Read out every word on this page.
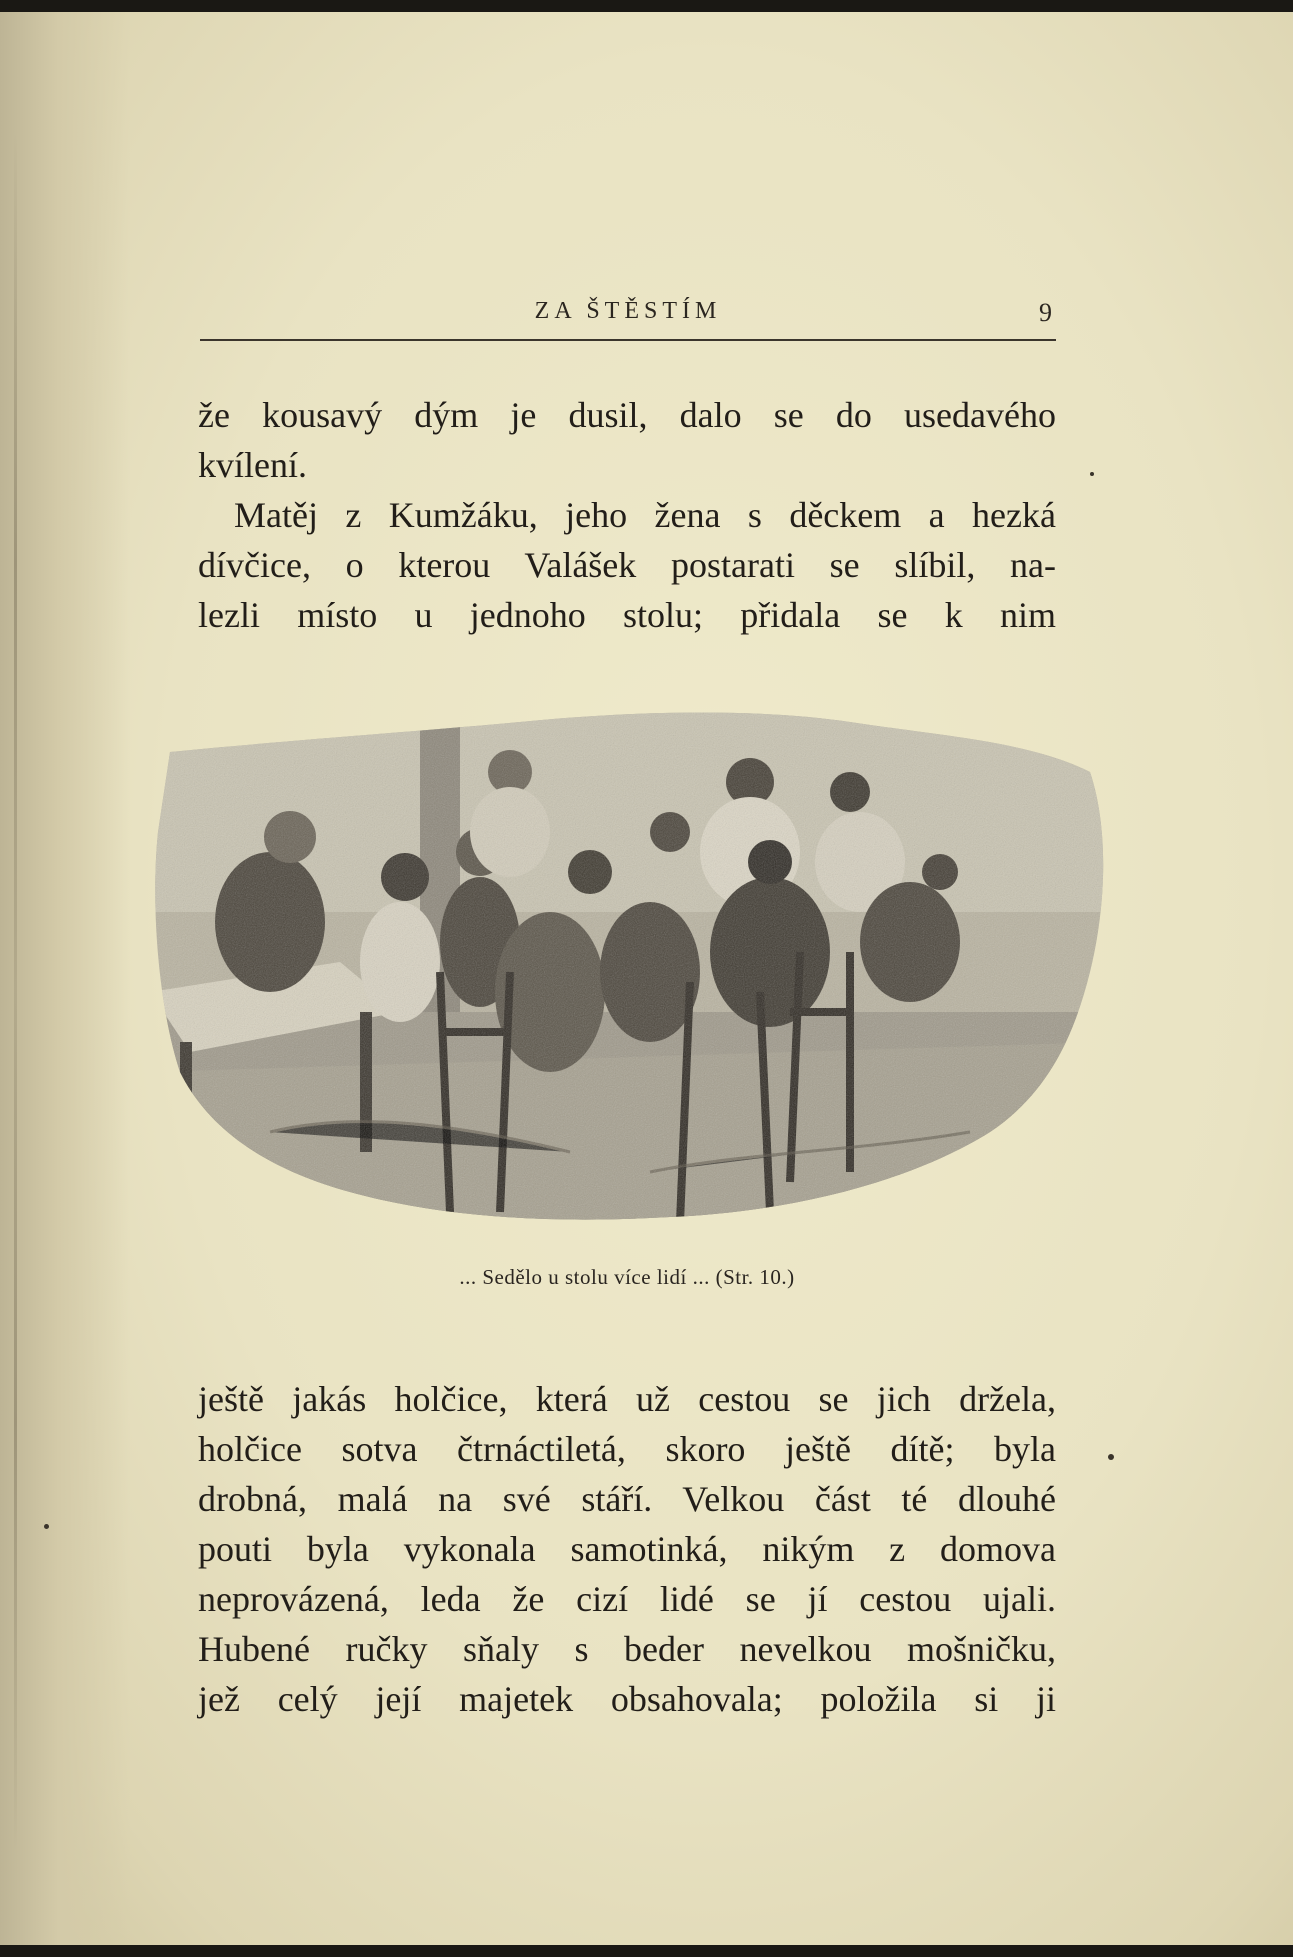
ZA ŠTĚSTÍM	9
že kousavý dým je dusil, dalo se do usedavého
kvílení.
Matěj z Kumžáku, jeho žena s děckem a hezká
dívčice, o kterou Valášek postarati se slíbil, na-
lezli místo u jednoho stolu; přidala se k nim
... Sedělo u stolu více lidí ... (Str. 10.)
ještě jakás holčice, která už cestou se jich držela,
holčice sotva čtrnáctiletá, skoro ještě dítě; byla
drobná, malá na své stáří. Velkou část té dlouhé
pouti byla vykonala samotinká, nikým z domova
neprovázená, leda že cizí lidé se jí cestou ujali.
Hubené ručky sňaly s beder nevelkou mošničku,
jež celý její majetek obsahovala; položila si ji
